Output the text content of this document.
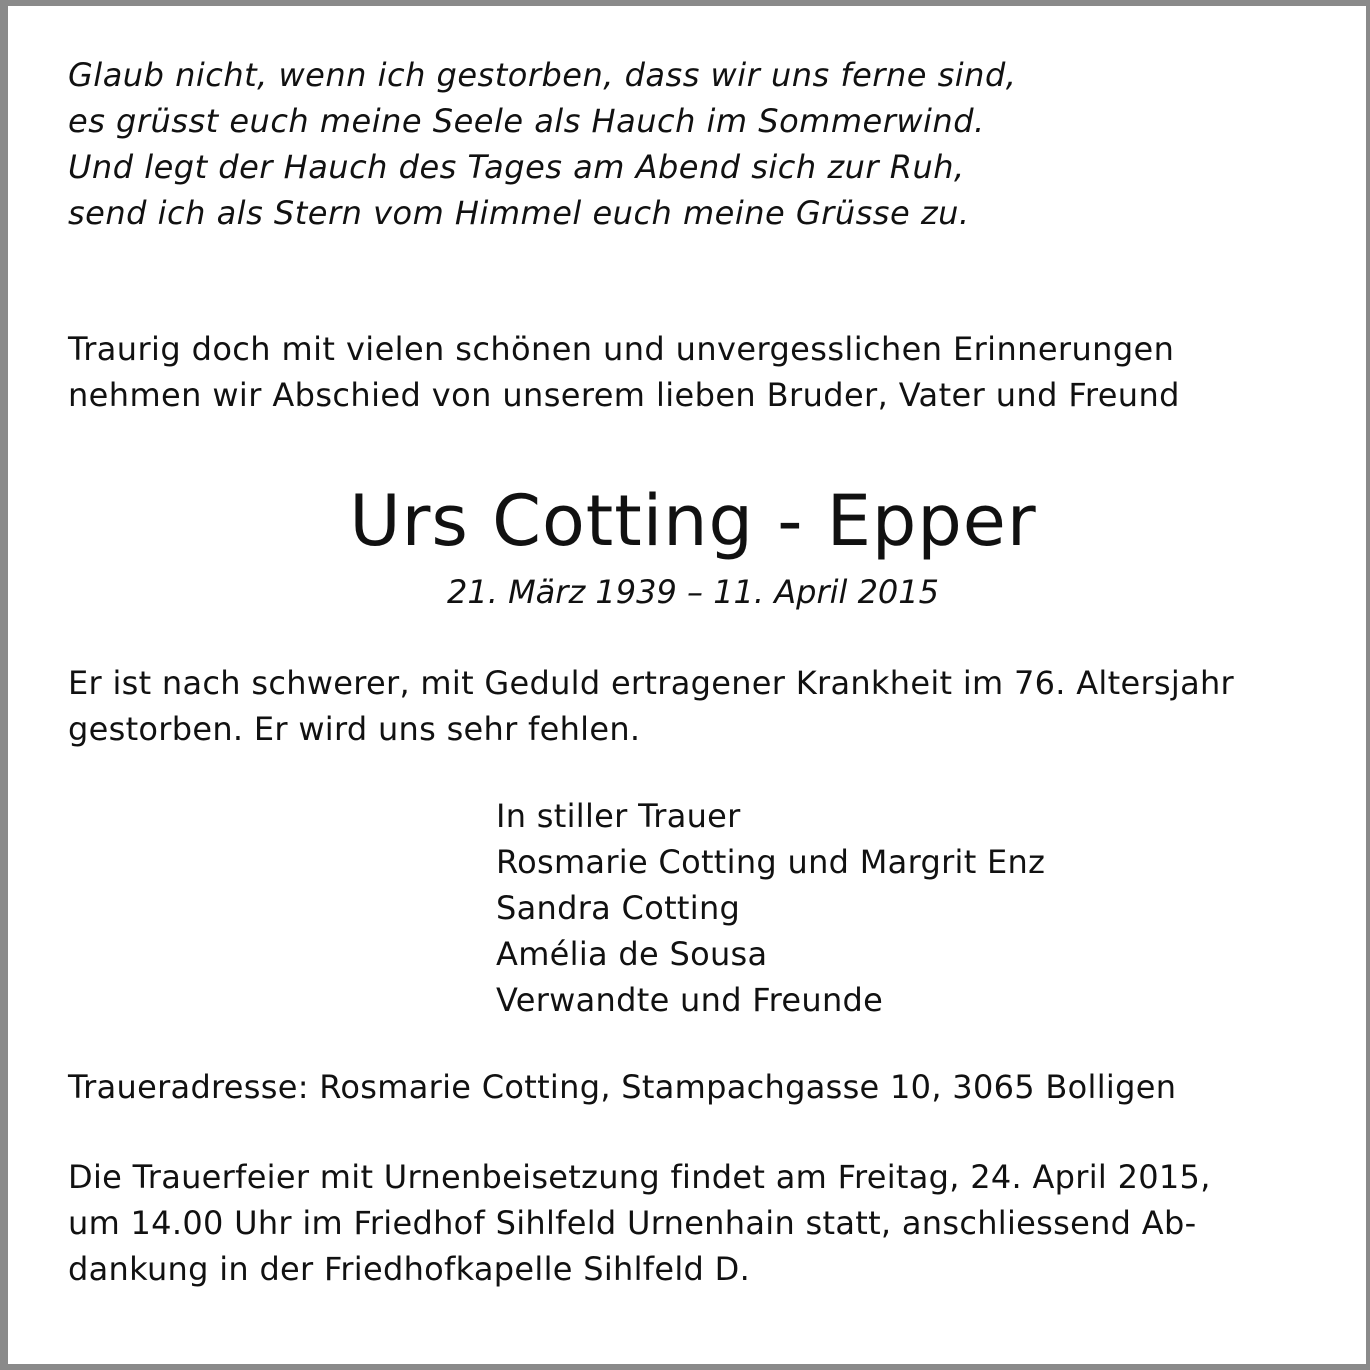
Glaub nicht, wenn ich gestorben, dass wir uns ferne sind,
es grüsst euch meine Seele als Hauch im Sommerwind.
Und legt der Hauch des Tages am Abend sich zur Ruh,
send ich als Stern vom Himmel euch meine Grüsse zu.

Traurig doch mit vielen schönen und unvergesslichen Erinnerungen
nehmen wir Abschied von unserem lieben Bruder, Vater und Freund

Urs Cotting - Epper

21. März 1939 – 11. April 2015

Er ist nach schwerer, mit Geduld ertragener Krankheit im 76. Altersjahr
gestorben. Er wird uns sehr fehlen.

In stiller Trauer
Rosmarie Cotting und Margrit Enz
Sandra Cotting
Amélia de Sousa
Verwandte und Freunde

Traueradresse: Rosmarie Cotting, Stampachgasse 10, 3065 Bolligen

Die Trauerfeier mit Urnenbeisetzung findet am Freitag, 24. April 2015,
um 14.00 Uhr im Friedhof Sihlfeld Urnenhain statt, anschliessend Ab-
dankung in der Friedhofkapelle Sihlfeld D.
